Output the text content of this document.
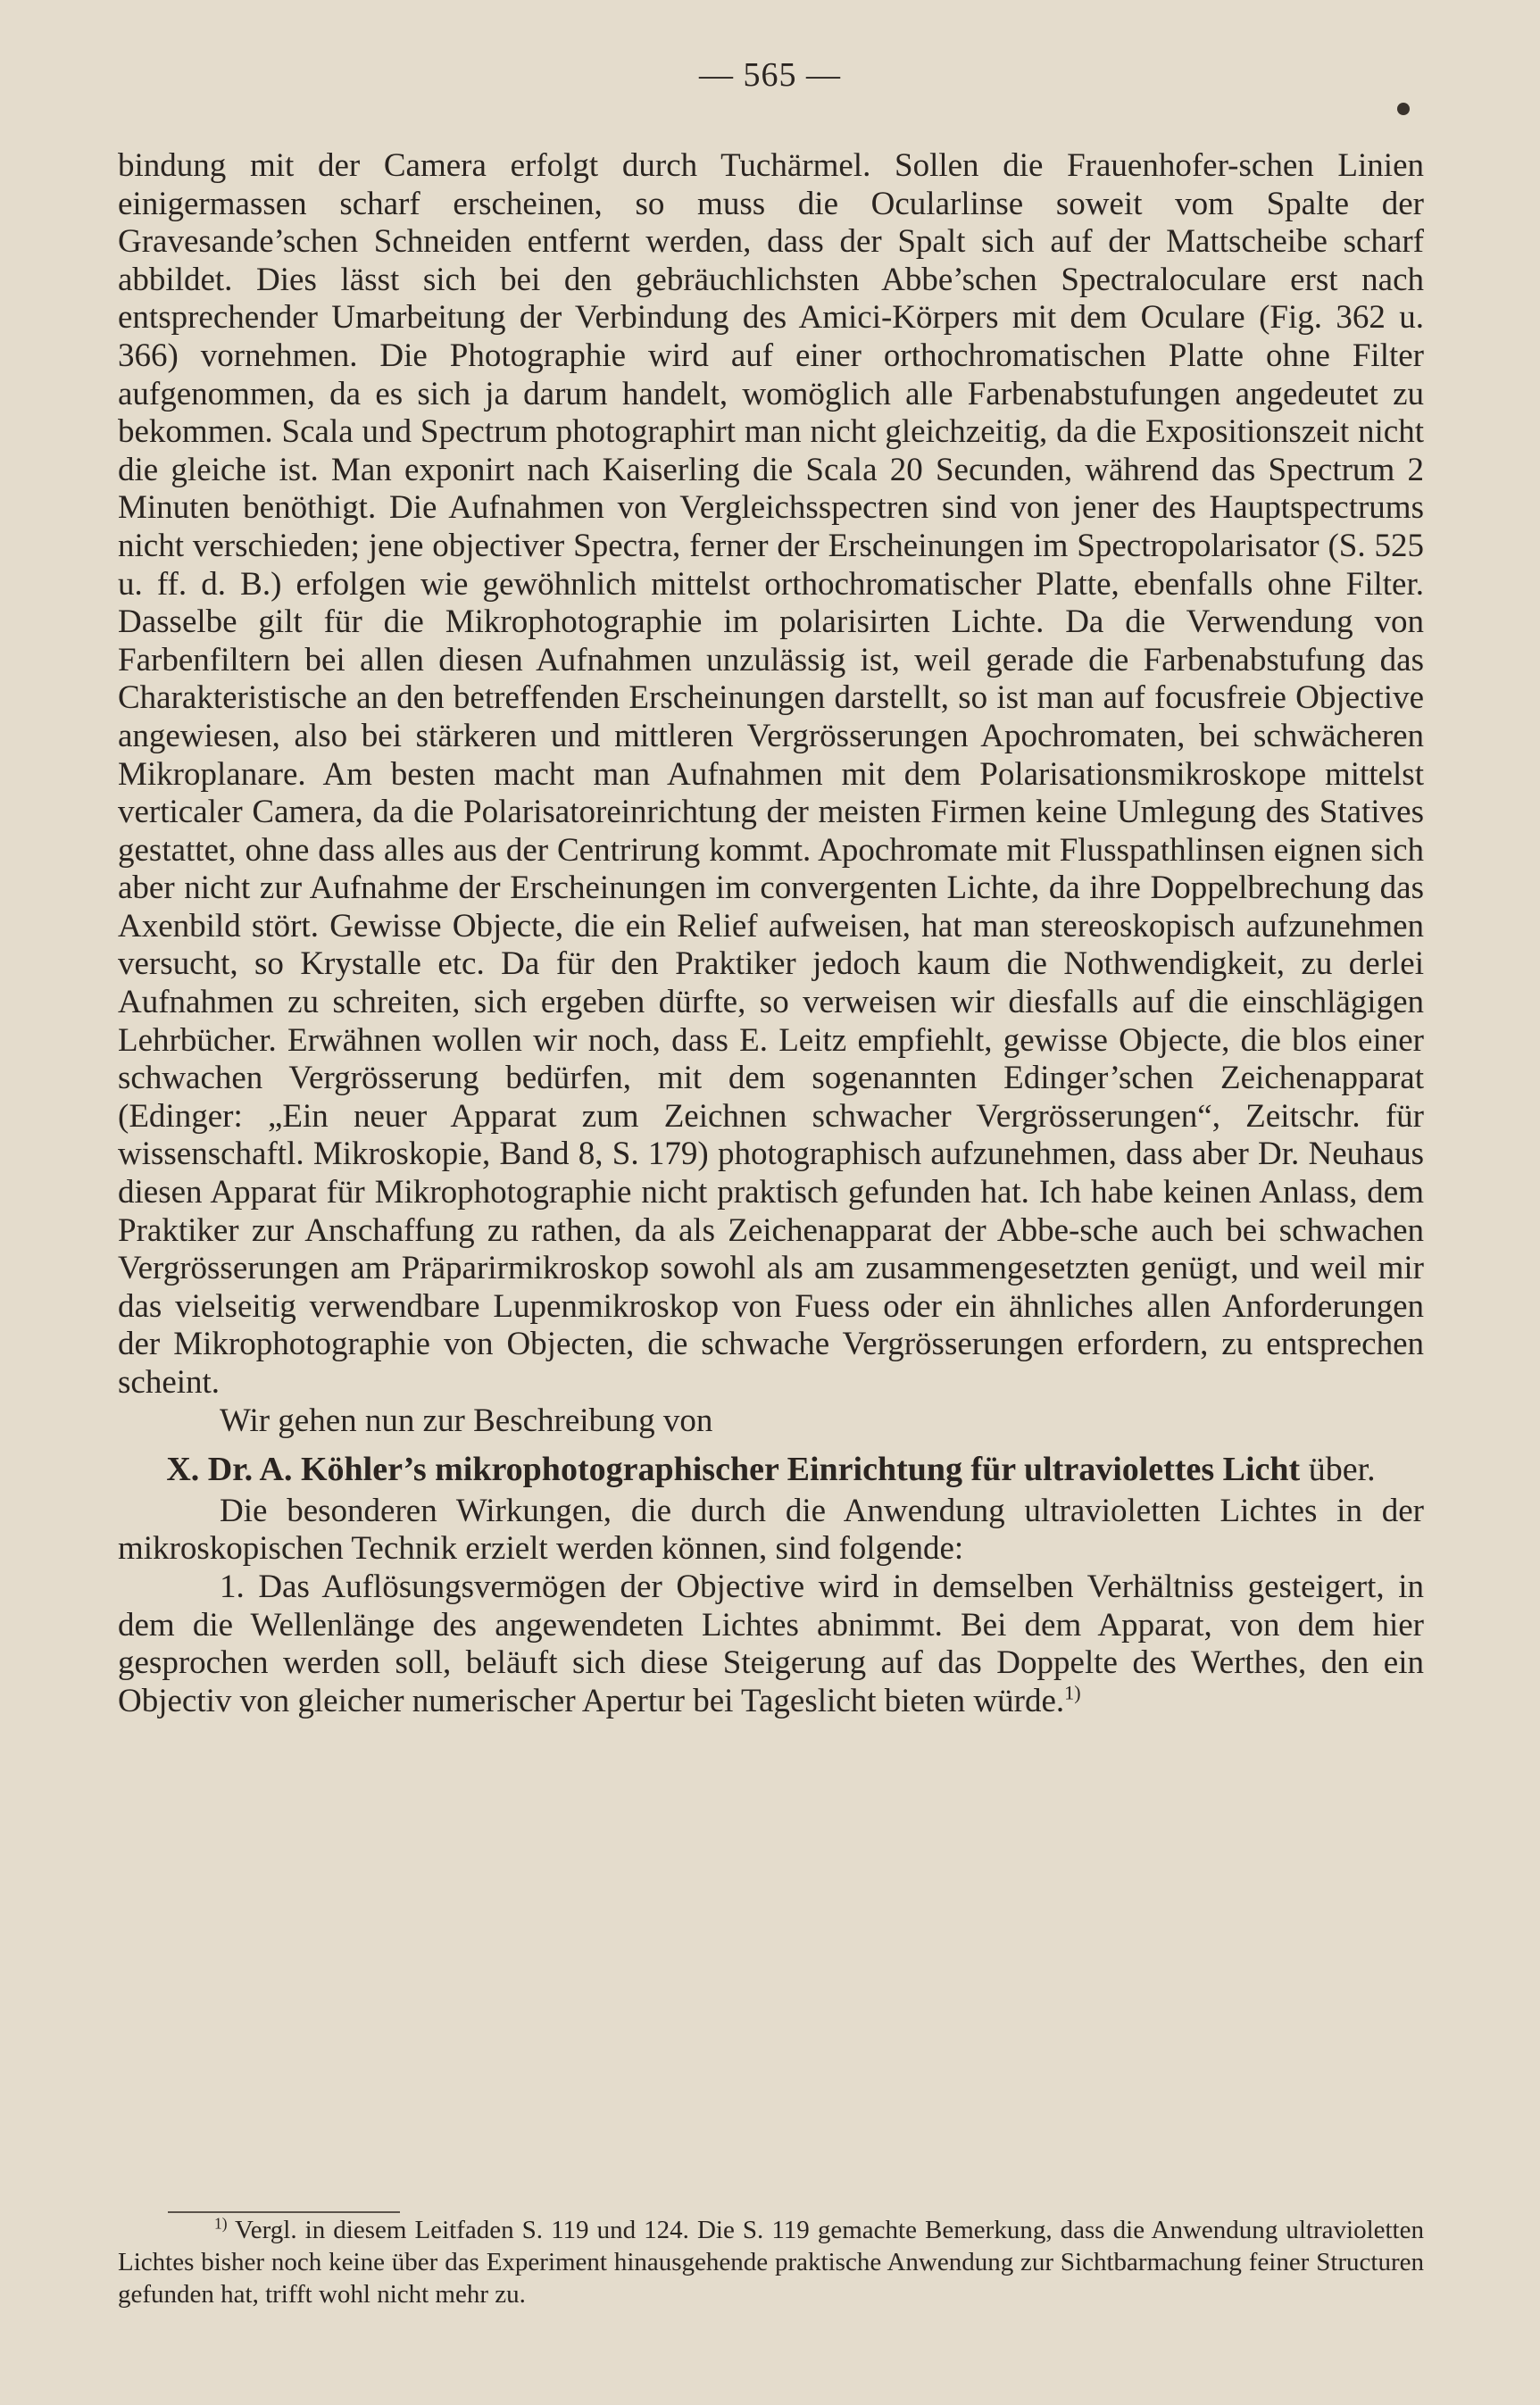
— 565 —

bindung mit der Camera erfolgt durch Tuchärmel. Sollen die Frauenhofer-schen Linien einigermassen scharf erscheinen, so muss die Ocularlinse soweit vom Spalte der Gravesande’schen Schneiden entfernt werden, dass der Spalt sich auf der Mattscheibe scharf abbildet. Dies lässt sich bei den gebräuchlichsten Abbe’schen Spectraloculare erst nach entsprechender Umarbeitung der Verbindung des Amici-Körpers mit dem Oculare (Fig. 362 u. 366) vornehmen. Die Photographie wird auf einer orthochromatischen Platte ohne Filter aufgenommen, da es sich ja darum handelt, womöglich alle Farbenabstufungen angedeutet zu bekommen. Scala und Spectrum photographirt man nicht gleichzeitig, da die Expositionszeit nicht die gleiche ist. Man exponirt nach Kaiserling die Scala 20 Secunden, während das Spectrum 2 Minuten benöthigt. Die Aufnahmen von Vergleichsspectren sind von jener des Hauptspectrums nicht verschieden; jene objectiver Spectra, ferner der Erscheinungen im Spectropolarisator (S. 525 u. ff. d. B.) erfolgen wie gewöhnlich mittelst orthochromatischer Platte, ebenfalls ohne Filter. Dasselbe gilt für die Mikrophotographie im polarisirten Lichte. Da die Verwendung von Farbenfiltern bei allen diesen Aufnahmen unzulässig ist, weil gerade die Farbenabstufung das Charakteristische an den betreffenden Erscheinungen darstellt, so ist man auf focusfreie Objective angewiesen, also bei stärkeren und mittleren Vergrösserungen Apochromaten, bei schwächeren Mikroplanare. Am besten macht man Aufnahmen mit dem Polarisationsmikroskope mittelst verticaler Camera, da die Polarisatoreinrichtung der meisten Firmen keine Umlegung des Statives gestattet, ohne dass alles aus der Centrirung kommt. Apochromate mit Flusspathlinsen eignen sich aber nicht zur Aufnahme der Erscheinungen im convergenten Lichte, da ihre Doppelbrechung das Axenbild stört. Gewisse Objecte, die ein Relief aufweisen, hat man stereoskopisch aufzunehmen versucht, so Krystalle etc. Da für den Praktiker jedoch kaum die Nothwendigkeit, zu derlei Aufnahmen zu schreiten, sich ergeben dürfte, so verweisen wir diesfalls auf die einschlägigen Lehrbücher. Erwähnen wollen wir noch, dass E. Leitz empfiehlt, gewisse Objecte, die blos einer schwachen Vergrösserung bedürfen, mit dem sogenannten Edinger’schen Zeichenapparat (Edinger: „Ein neuer Apparat zum Zeichnen schwacher Vergrösserungen“, Zeitschr. für wissenschaftl. Mikroskopie, Band 8, S. 179) photographisch aufzunehmen, dass aber Dr. Neuhaus diesen Apparat für Mikrophotographie nicht praktisch gefunden hat. Ich habe keinen Anlass, dem Praktiker zur Anschaffung zu rathen, da als Zeichenapparat der Abbe-sche auch bei schwachen Vergrösserungen am Präparirmikroskop sowohl als am zusammengesetzten genügt, und weil mir das vielseitig verwendbare Lupenmikroskop von Fuess oder ein ähnliches allen Anforderungen der Mikrophotographie von Objecten, die schwache Vergrösserungen erfordern, zu entsprechen scheint.

Wir gehen nun zur Beschreibung von

X. Dr. A. Köhler’s mikrophotographischer Einrichtung für ultraviolettes Licht über.

Die besonderen Wirkungen, die durch die Anwendung ultravioletten Lichtes in der mikroskopischen Technik erzielt werden können, sind folgende:

1. Das Auflösungsvermögen der Objective wird in demselben Verhältniss gesteigert, in dem die Wellenlänge des angewendeten Lichtes abnimmt. Bei dem Apparat, von dem hier gesprochen werden soll, beläuft sich diese Steigerung auf das Doppelte des Werthes, den ein Objectiv von gleicher numerischer Apertur bei Tageslicht bieten würde.$^{1)}$

$^{1)}$ Vergl. in diesem Leitfaden S. 119 und 124. Die S. 119 gemachte Bemerkung, dass die Anwendung ultravioletten Lichtes bisher noch keine über das Experiment hinausgehende praktische Anwendung zur Sichtbarmachung feiner Structuren gefunden hat, trifft wohl nicht mehr zu.
